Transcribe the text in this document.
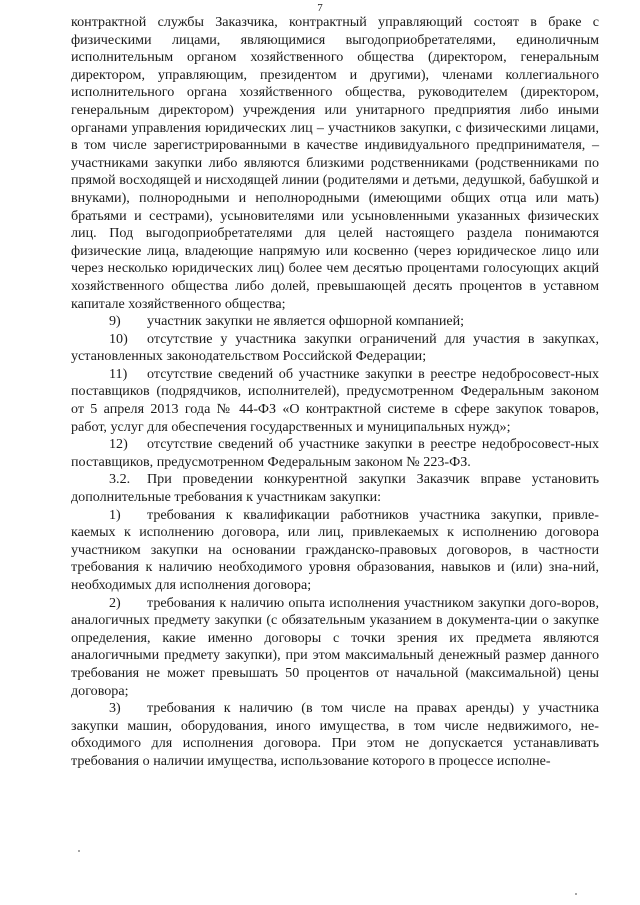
7

контрактной службы Заказчика, контрактный управляющий состоят в браке с физическими лицами, являющимися выгодоприобретателями, единоличным исполнительным органом хозяйственного общества (директором, генеральным директором, управляющим, президентом и другими), членами коллегиального исполнительного органа хозяйственного общества, руководителем (директором, генеральным директором) учреждения или унитарного предприятия либо иными органами управления юридических лиц – участников закупки, с физическими лицами, в том числе зарегистрированными в качестве индивидуального предпринимателя, –участниками закупки либо являются близкими родственниками (родственниками по прямой восходящей и нисходящей линии (родителями и детьми, дедушкой, бабушкой и внуками), полнородными и неполнородными (имеющими общих отца или мать) братьями и сестрами), усыновителями или усыновленными указанных физических лиц. Под выгодоприобретателями для целей настоящего раздела понимаются физические лица, владеющие напрямую или косвенно (через юридическое лицо или через несколько юридических лиц) более чем десятью процентами голосующих акций хозяйственного общества либо долей, превышающей десять процентов в уставном капитале хозяйственного общества;

9) участник закупки не является офшорной компанией;

10) отсутствие у участника закупки ограничений для участия в закупках, установленных законодательством Российской Федерации;

11) отсутствие сведений об участнике закупки в реестре недобросовест-ных поставщиков (подрядчиков, исполнителей), предусмотренном Федеральным законом от 5 апреля 2013 года № 44-ФЗ «О контрактной системе в сфере закупок товаров, работ, услуг для обеспечения государственных и муниципальных нужд»;

12) отсутствие сведений об участнике закупки в реестре недобросовест-ных поставщиков, предусмотренном Федеральным законом № 223-ФЗ.

3.2. При проведении конкурентной закупки Заказчик вправе установить дополнительные требования к участникам закупки:

1) требования к квалификации работников участника закупки, привле-каемых к исполнению договора, или лиц, привлекаемых к исполнению договора участником закупки на основании гражданско-правовых договоров, в частности требования к наличию необходимого уровня образования, навыков и (или) зна-ний, необходимых для исполнения договора;

2) требования к наличию опыта исполнения участником закупки дого-воров, аналогичных предмету закупки (с обязательным указанием в документа-ции о закупке определения, какие именно договоры с точки зрения их предмета являются аналогичными предмету закупки), при этом максимальный денежный размер данного требования не может превышать 50 процентов от начальной (максимальной) цены договора;

3) требования к наличию (в том числе на правах аренды) у участника закупки машин, оборудования, иного имущества, в том числе недвижимого, не-обходимого для исполнения договора. При этом не допускается устанавливать требования о наличии имущества, использование которого в процессе исполне-
